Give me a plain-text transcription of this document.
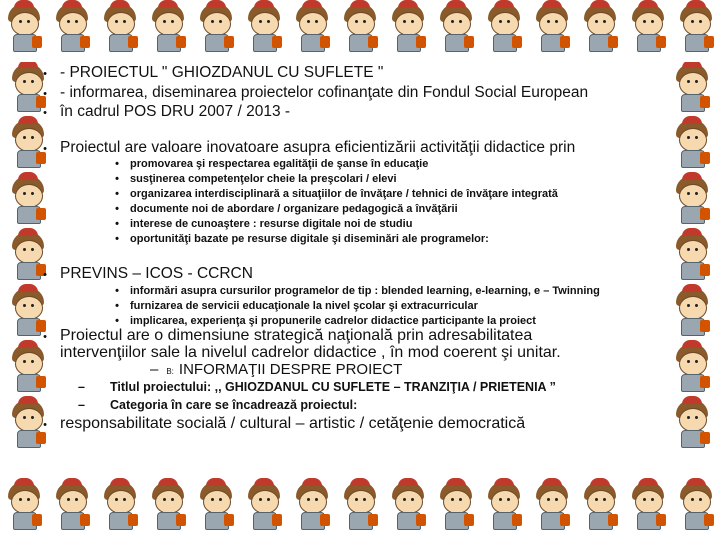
• - PROIECTUL " GHIOZDANUL CU SUFLETE "
• - informarea, diseminarea proiectelor cofinanţate din Fondul Social European
• în cadrul POS DRU 2007 / 2013 -
• Proiectul are valoare inovatoare asupra eficientizării activităţii didactice prin
• promovarea şi respectarea egalităţii de şanse în educaţie
• susţinerea competenţelor cheie la preşcolari / elevi
• organizarea interdisciplinară a situaţiilor de învăţare / tehnici de învăţare integrată
• documente noi de abordare / organizare pedagogică a învăţării
• interese de cunoaştere : resurse digitale noi de studiu
• oportunităţi bazate pe resurse digitale şi diseminări ale programelor:
• PREVINS – ICOS - CCRCN
• informări asupra cursurilor programelor de tip : blended learning, e-learning, e – Twinning
• furnizarea de servicii educaţionale la nivel şcolar şi extracurricular
• implicarea, experienţa şi propunerile cadrelor didactice participante la proiect
• Proiectul are o dimensiune strategică naţională prin adresabilitatea
intervenţiilor sale la nivelul cadrelor didactice , în mod coerent şi unitar.
– B: INFORMAŢII DESPRE PROIECT
–	Titlul proiectului: ,, GHIOZDANUL CU SUFLETE – TRANZIŢIA / PRIETENIA ”
–	Categoria în care se încadrează proiectul:
• responsabilitate socială / cultural – artistic / cetăţenie democratică
